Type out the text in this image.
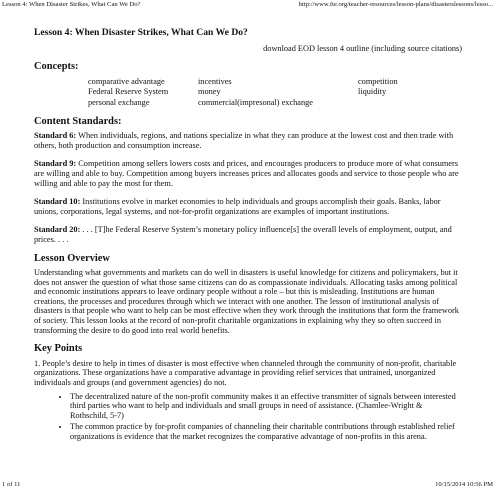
Lesson 4: When Disaster Strikes, What Can We Do?	http://www.fte.org/teacher-resources/lesson-plans/disasterslessons/lesso...
Lesson 4: When Disaster Strikes, What Can We Do?
download EOD lesson 4 outline (including source citations)
Concepts:
comparative advantage	incentives	competition
Federal Reserve System	money	liquidity
personal exchange	commercial(impresonal) exchange
Content Standards:

Standard 6: When individuals, regions, and nations specialize in what they can produce at the lowest cost and then trade with others, both production and consumption increase.

Standard 9: Competition among sellers lowers costs and prices, and encourages producers to produce more of what consumers are willing and able to buy. Competition among buyers increases prices and allocates goods and service to those people who are willing and able to pay the most for them.

Standard 10: Institutions evolve in market economies to help individuals and groups accomplish their goals. Banks, labor unions, corporations, legal systems, and not-for-profit organizations are examples of important institutions.

Standard 20: . . . [T]he Federal Reserve System’s monetary policy influence[s] the overall levels of employment, output, and prices. . . .

Lesson Overview

Understanding what governments and markets can do well in disasters is useful knowledge for citizens and policymakers, but it does not answer the question of what those same citizens can do as compassionate individuals. Allocating tasks among political and economic institutions appears to leave ordinary people without a role – but this is misleading. Institutions are human creations, the processes and procedures through which we interact with one another. The lesson of institutional analysis of disasters is that people who want to help can be most effective when they work through the institutions that form the framework of society. This lesson looks at the record of non-profit charitable organizations in explaining why they so often succeed in transforming the desire to do good into real world benefits.

Key Points

1. People’s desire to help in times of disaster is most effective when channeled through the community of non-profit, charitable organizations. These organizations have a comparative advantage in providing relief services that untrained, unorganized individuals and groups (and government agencies) do not.

• The decentralized nature of the non-profit community makes it an effective transmitter of signals between interested third parties who want to help and individuals and small groups in need of assistance. (Chamlee-Wright & Rothschild, 5-7)
• The common practice by for-profit companies of channeling their charitable contributions through established relief organizations is evidence that the market recognizes the comparative advantage of non-profits in this arena.
1 of 11	10/15/2014 10:56 PM
